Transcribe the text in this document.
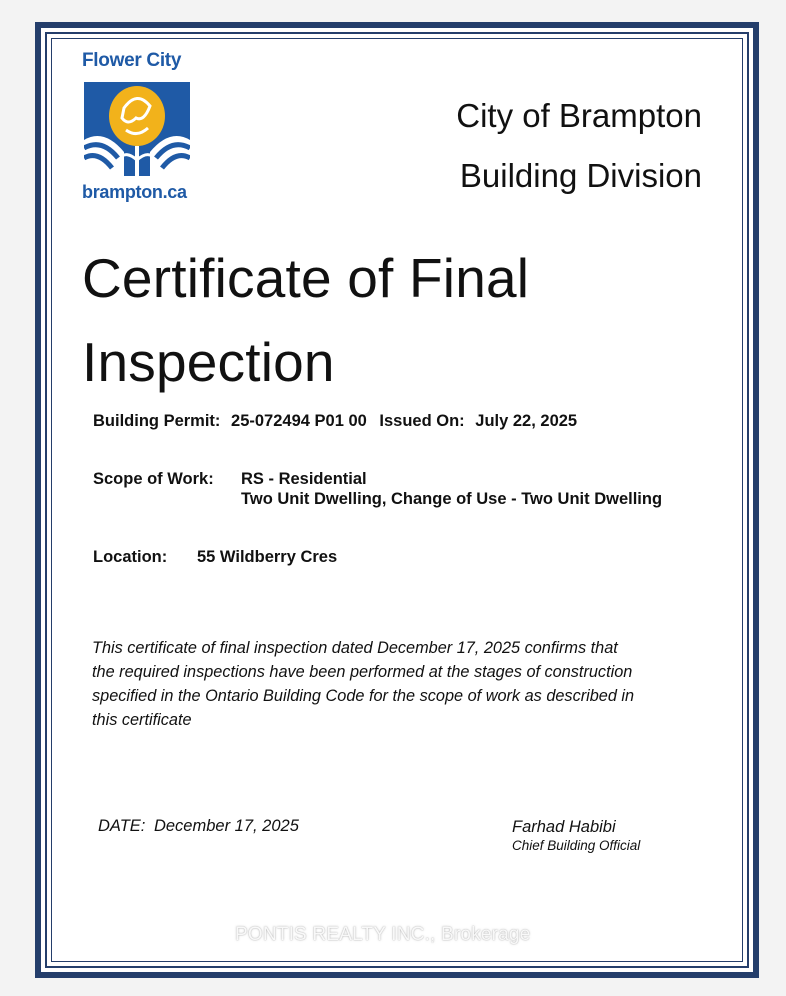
Flower City
brampton.ca
City of Brampton
Building Division
Certificate of Final
Inspection
Building Permit: 25-072494 P01 00 Issued On: July 22, 2025
Scope of Work: RS - Residential
Two Unit Dwelling, Change of Use - Two Unit Dwelling
Location: 55 Wildberry Cres
This certificate of final inspection dated December 17, 2025 confirms that
the required inspections have been performed at the stages of construction
specified in the Ontario Building Code for the scope of work as described in
this certificate
DATE: December 17, 2025	Farhad Habibi
Chief Building Official
PONTIS REALTY INC., Brokerage
